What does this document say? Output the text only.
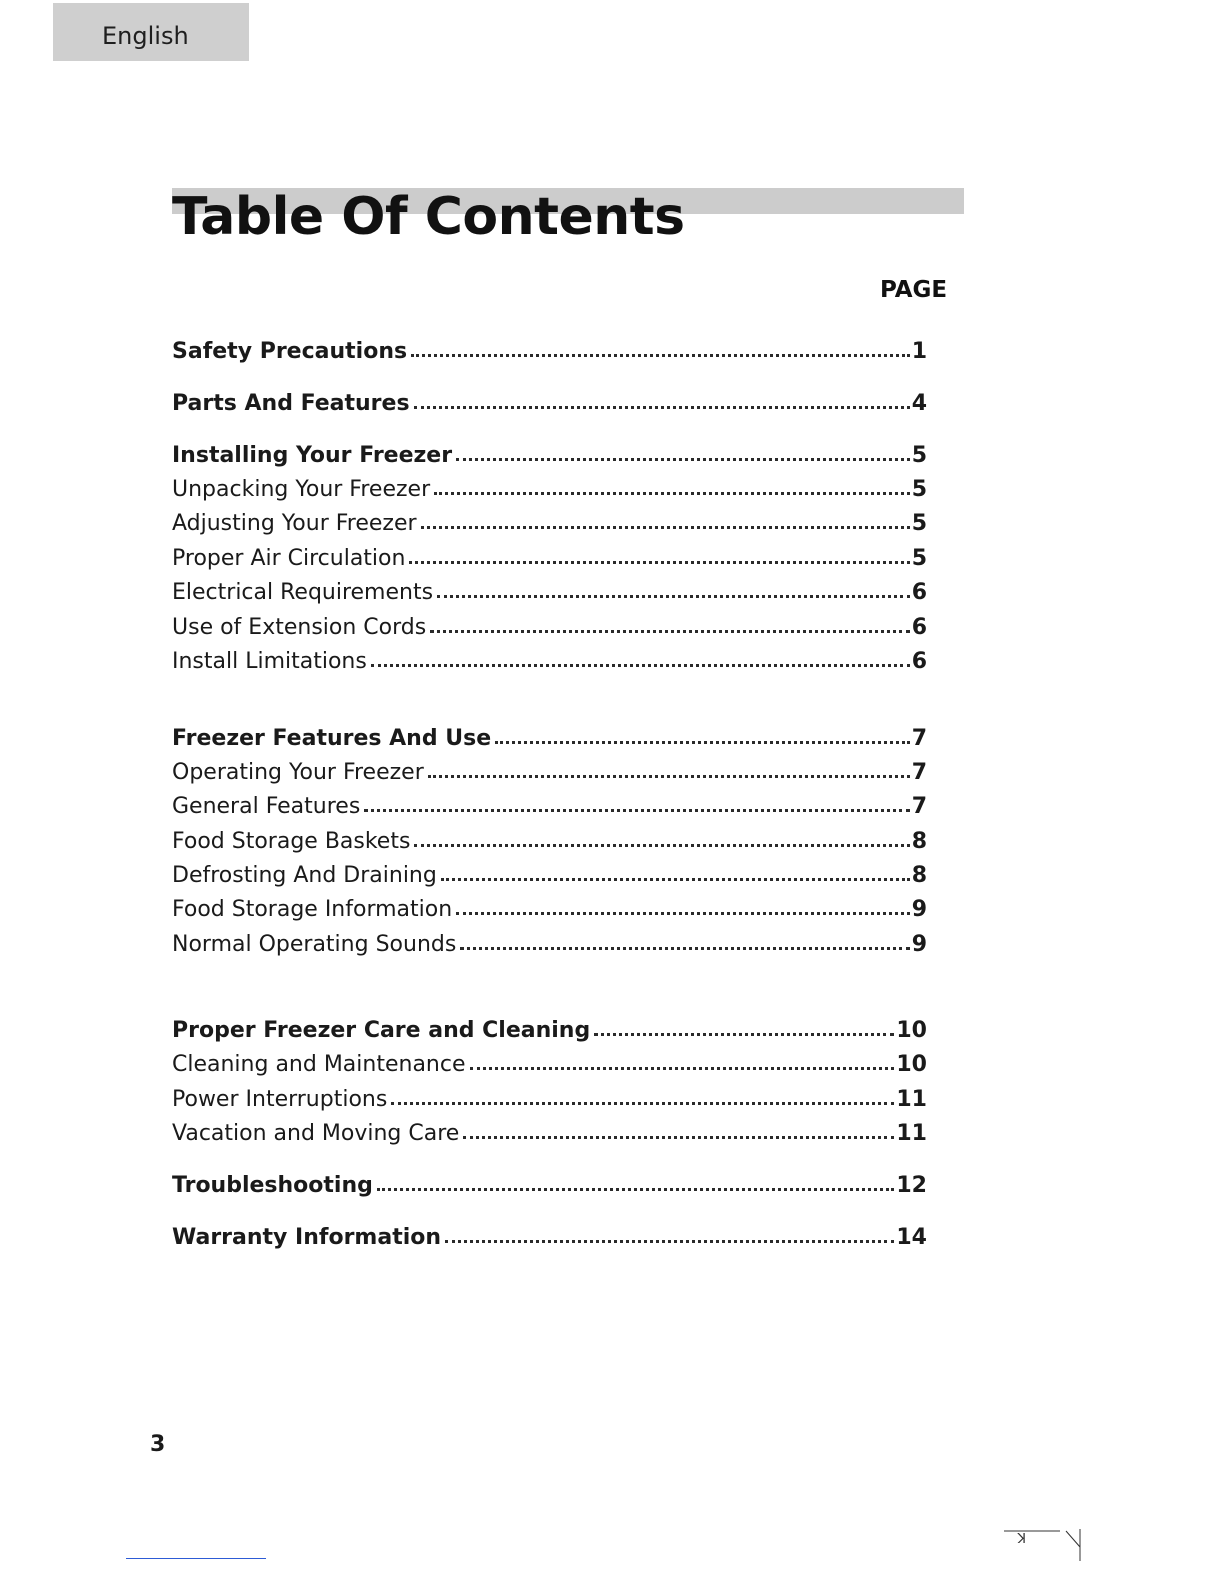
English
Table Of Contents
PAGE
Safety Precautions	1
Parts And Features	4
Installing Your Freezer	5
Unpacking Your Freezer	5
Adjusting Your Freezer	5
Proper Air Circulation	5
Electrical Requirements	6
Use of Extension Cords	6
Install Limitations	6
Freezer Features And Use	7
Operating Your Freezer	7
General Features	7
Food Storage Baskets	8
Defrosting And Draining	8
Food Storage Information	9
Normal Operating Sounds	9
Proper Freezer Care and Cleaning	10
Cleaning and Maintenance	10
Power Interruptions	11
Vacation and Moving Care	11
Troubleshooting	12
Warranty Information	14
3
K
